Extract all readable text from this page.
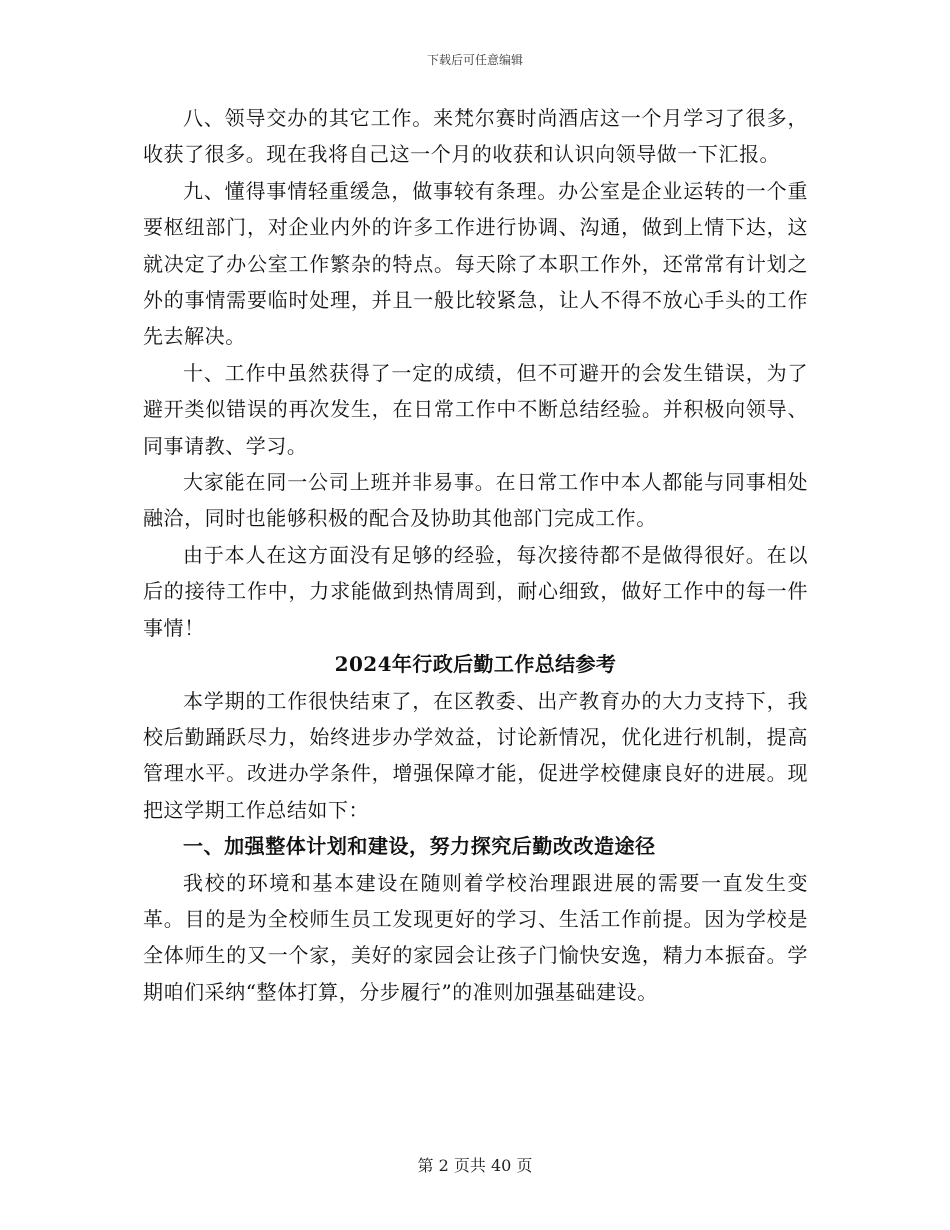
下载后可任意编辑

八、领导交办的其它工作。来梵尔赛时尚酒店这一个月学习了很多，收获了很多。现在我将自己这一个月的收获和认识向领导做一下汇报。

九、懂得事情轻重缓急，做事较有条理。办公室是企业运转的一个重要枢纽部门，对企业内外的许多工作进行协调、沟通，做到上情下达，这就决定了办公室工作繁杂的特点。每天除了本职工作外，还常常有计划之外的事情需要临时处理，并且一般比较紧急，让人不得不放心手头的工作先去解决。

十、工作中虽然获得了一定的成绩，但不可避开的会发生错误，为了避开类似错误的再次发生，在日常工作中不断总结经验。并积极向领导、同事请教、学习。

大家能在同一公司上班并非易事。在日常工作中本人都能与同事相处融洽，同时也能够积极的配合及协助其他部门完成工作。

由于本人在这方面没有足够的经验，每次接待都不是做得很好。在以后的接待工作中，力求能做到热情周到，耐心细致，做好工作中的每一件事情！

2024年行政后勤工作总结参考

本学期的工作很快结束了，在区教委、出产教育办的大力支持下，我校后勤踊跃尽力，始终进步办学效益，讨论新情况，优化进行机制，提高管理水平。改进办学条件，增强保障才能，促进学校健康良好的进展。现把这学期工作总结如下：

一、加强整体计划和建设，努力探究后勤改改造途径

我校的环境和基本建设在随则着学校治理跟进展的需要一直发生变革。目的是为全校师生员工发现更好的学习、生活工作前提。因为学校是全体师生的又一个家，美好的家园会让孩子门愉快安逸，精力本振奋。学期咱们采纳“整体打算，分步履行”的准则加强基础建设。

第 2 页共 40 页
